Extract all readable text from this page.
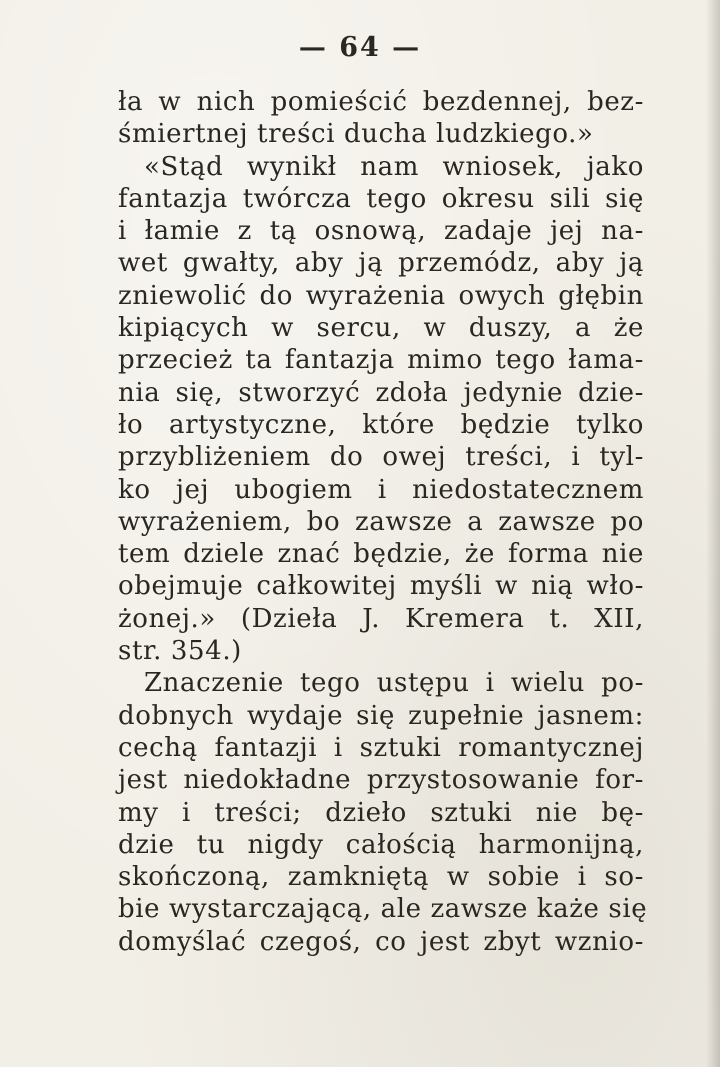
— 64 —
ła w nich pomieścić bezdennej, bez-
śmiertnej treści ducha ludzkiego.»
«Stąd wynikł nam wniosek, jako
fantazja twórcza tego okresu sili się
i łamie z tą osnową, zadaje jej na-
wet gwałty, aby ją przemódz, aby ją
zniewolić do wyrażenia owych głębin
kipiących w sercu, w duszy, a że
przecież ta fantazja mimo tego łama-
nia się, stworzyć zdoła jedynie dzie-
ło artystyczne, które będzie tylko
przybliżeniem do owej treści, i tyl-
ko jej ubogiem i niedostatecznem
wyrażeniem, bo zawsze a zawsze po
tem dziele znać będzie, że forma nie
obejmuje całkowitej myśli w nią wło-
żonej.» (Dzieła J. Kremera t. XII,
str. 354.)
Znaczenie tego ustępu i wielu po-
dobnych wydaje się zupełnie jasnem:
cechą fantazji i sztuki romantycznej
jest niedokładne przystosowanie for-
my i treści; dzieło sztuki nie bę-
dzie tu nigdy całością harmonijną,
skończoną, zamkniętą w sobie i so-
bie wystarczającą, ale zawsze każe się
domyślać czegoś, co jest zbyt wznio-
